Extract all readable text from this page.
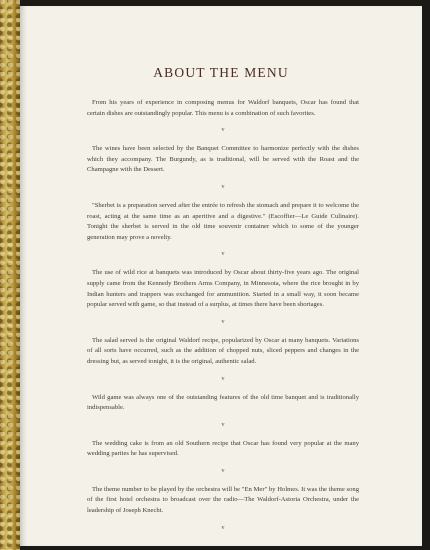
ABOUT THE MENU

From his years of experience in composing menus for Waldorf banquets, Oscar has found that certain dishes are outstandingly popular. This menu is a combination of such favorites.

v

The wines have been selected by the Banquet Committee to harmonize perfectly with the dishes which they accompany. The Burgundy, as is traditional, will be served with the Roast and the Champagne with the Dessert.

v

"Sherbet is a preparation served after the entrée to refresh the stomach and prepare it to welcome the roast, acting at the same time as an aperitive and a digestive." (Escoffier—Le Guide Culinaire). Tonight the sherbet is served in the old time souvenir container which to some of the younger generation may prove a novelty.

v

The use of wild rice at banquets was introduced by Oscar about thirty-five years ago. The original supply came from the Kennedy Brothers Arms Company, in Minnesota, where the rice brought in by Indian hunters and trappers was exchanged for ammunition. Started in a small way, it soon became popular served with game, so that instead of a surplus, at times there have been shortages.

v

The salad served is the original Waldorf recipe, popularized by Oscar at many banquets. Variations of all sorts have occurred, such as the addition of chopped nuts, sliced peppers and changes in the dressing but, as served tonight, it is the original, authentic salad.

v

Wild game was always one of the outstanding features of the old time banquet and is traditionally indispensable.

v

The wedding cake is from an old Southern recipe that Oscar has found very popular at the many wedding parties he has supervised.

v

The theme number to be played by the orchestra will be "En Mer" by Holmes. It was the theme song of the first hotel orchestra to broadcast over the radio—The Waldorf-Astoria Orchestra, under the leadership of Joseph Knecht.

v
